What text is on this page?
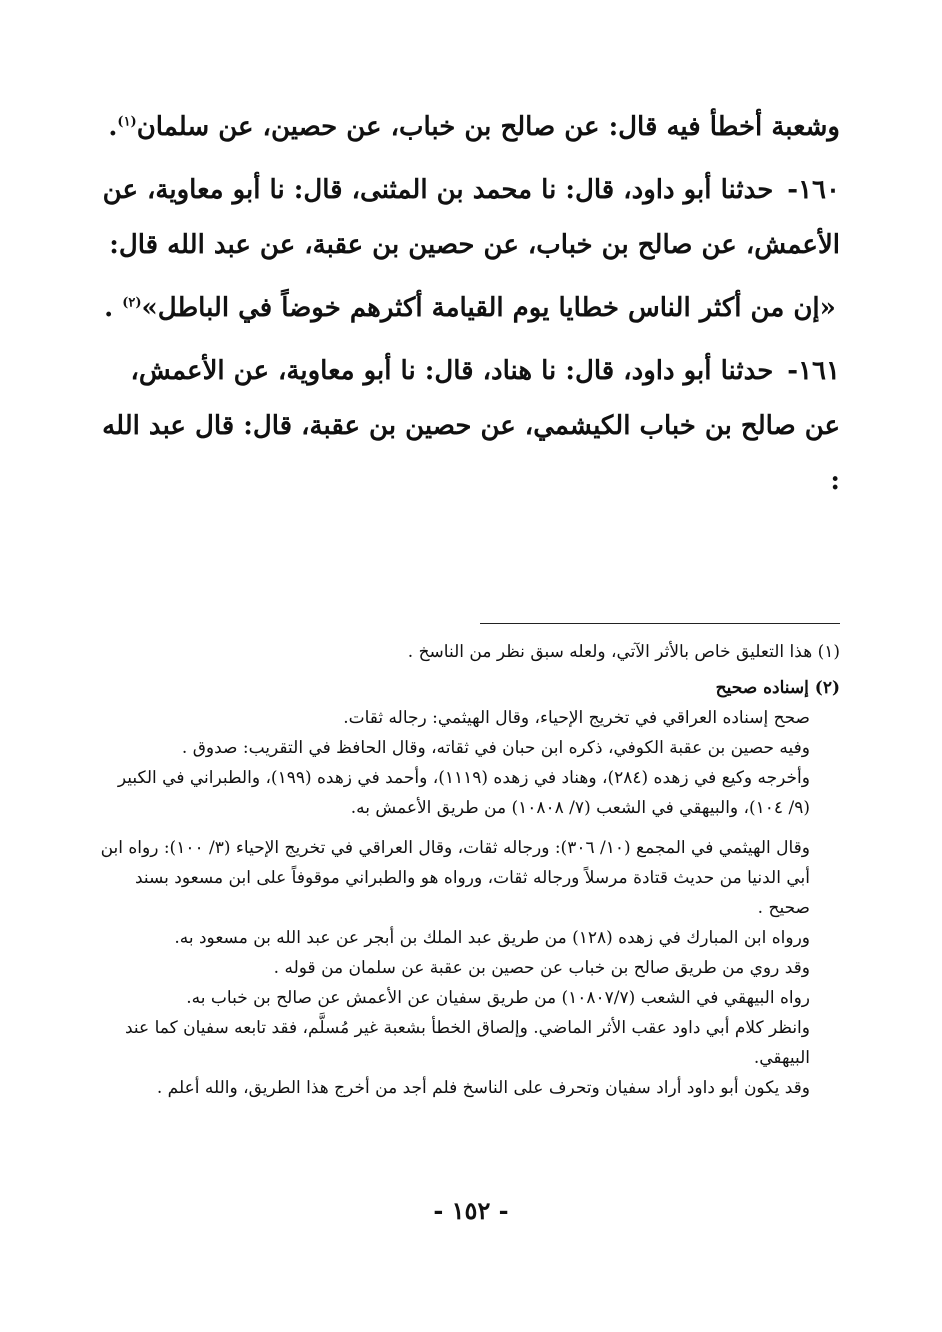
وشعبة أخطأ فيه قال: عن صالح بن خباب، عن حصين، عن سلمان$^{(١)}$.

١٦٠-حدثنا أبو داود، قال: نا محمد بن المثنى، قال: نا أبو معاوية، عن الأعمش، عن صالح بن خباب، عن حصين بن عقبة، عن عبد الله قال:

«إن من أكثر الناس خطايا يوم القيامة أكثرهم خوضاً في الباطل»$^{(٢)}$ .

١٦١-حدثنا أبو داود، قال: نا هناد، قال: نا أبو معاوية، عن الأعمش، عن صالح بن خباب الكيشمي، عن حصين بن عقبة، قال: قال عبد الله :

(١) هذا التعليق خاص بالأثر الآتي، ولعله سبق نظر من الناسخ .

(٢) إسناده صحيح

صحح إسناده العراقي في تخريج الإحياء، وقال الهيثمي: رجاله ثقات.

وفيه حصين بن عقبة الكوفي، ذكره ابن حبان في ثقاته، وقال الحافظ في التقريب: صدوق .

وأخرجه وكيع في زهده (٢٨٤)، وهناد في زهده (١١١٩)، وأحمد في زهده (١٩٩)، والطبراني في الكبير (٩/ ١٠٤)، والبيهقي في الشعب (٧/ ١٠٨٠٨) من طريق الأعمش به.

وقال الهيثمي في المجمع (١٠/ ٣٠٦): ورجاله ثقات، وقال العراقي في تخريج الإحياء (٣/ ١٠٠): رواه ابن أبي الدنيا من حديث قتادة مرسلاً ورجاله ثقات، ورواه هو والطبراني موقوفاً على ابن مسعود بسند صحيح .

ورواه ابن المبارك في زهده (١٢٨) من طريق عبد الملك بن أبجر عن عبد الله بن مسعود به.

وقد روي من طريق صالح بن خباب عن حصين بن عقبة عن سلمان من قوله .

رواه البيهقي في الشعب (١٠٨٠٧/٧) من طريق سفيان عن الأعمش عن صالح بن خباب به.

وانظر كلام أبي داود عقب الأثر الماضي. وإلصاق الخطأ بشعبة غير مُسلَّم، فقد تابعه سفيان كما عند البيهقي.

وقد يكون أبو داود أراد سفيان وتحرف على الناسخ فلم أجد من أخرج هذا الطريق، والله أعلم .

- ١٥٢ -
